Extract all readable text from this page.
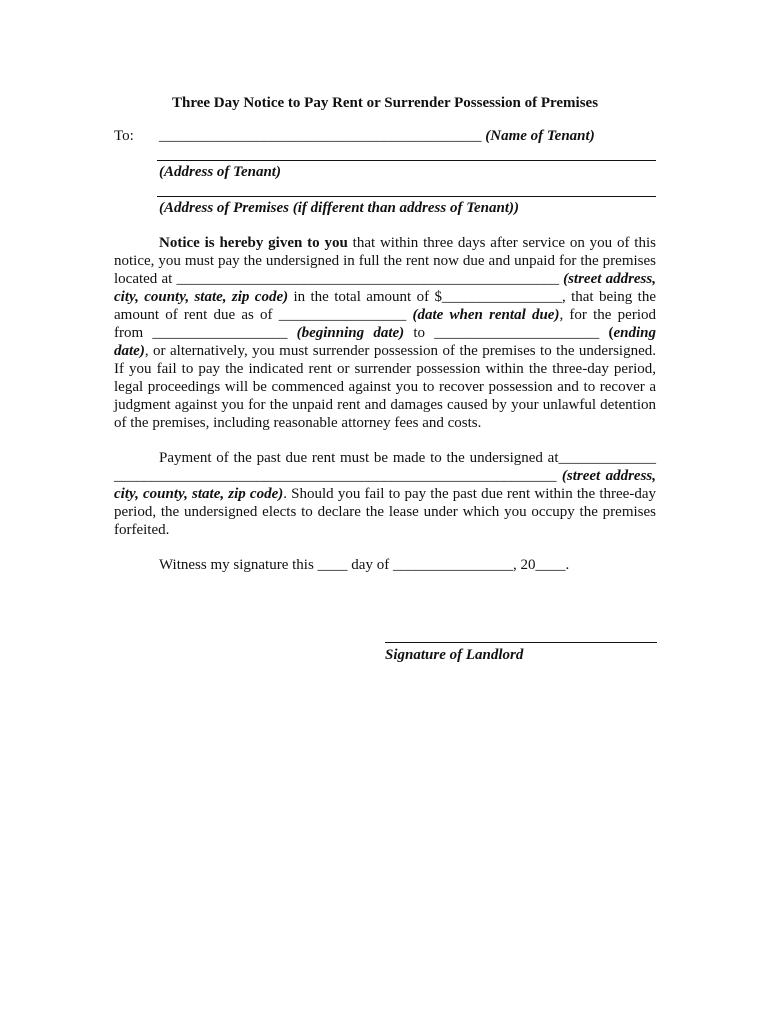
Three Day Notice to Pay Rent or Surrender Possession of Premises
To: ___________________________________________ (Name of Tenant)
(Address of Tenant)
(Address of Premises (if different than address of Tenant))

Notice is hereby given to you that within three days after service on you of this notice, you must pay the undersigned in full the rent now due and unpaid for the premises located at ___________________________________________________ (street address, city, county, state, zip code) in the total amount of $________________, that being the amount of rent due as of _________________ (date when rental due), for the period from __________________ (beginning date) to ______________________ (ending date), or alternatively, you must surrender possession of the premises to the undersigned. If you fail to pay the indicated rent or surrender possession within the three-day period, legal proceedings will be commenced against you to recover possession and to recover a judgment against you for the unpaid rent and damages caused by your unlawful detention of the premises, including reasonable attorney fees and costs.

Payment of the past due rent must be made to the undersigned at_____________ ___________________________________________________________ (street address, city, county, state, zip code). Should you fail to pay the past due rent within the three-day period, the undersigned elects to declare the lease under which you occupy the premises forfeited.

Witness my signature this ____ day of ________________, 20____.
Signature of Landlord
